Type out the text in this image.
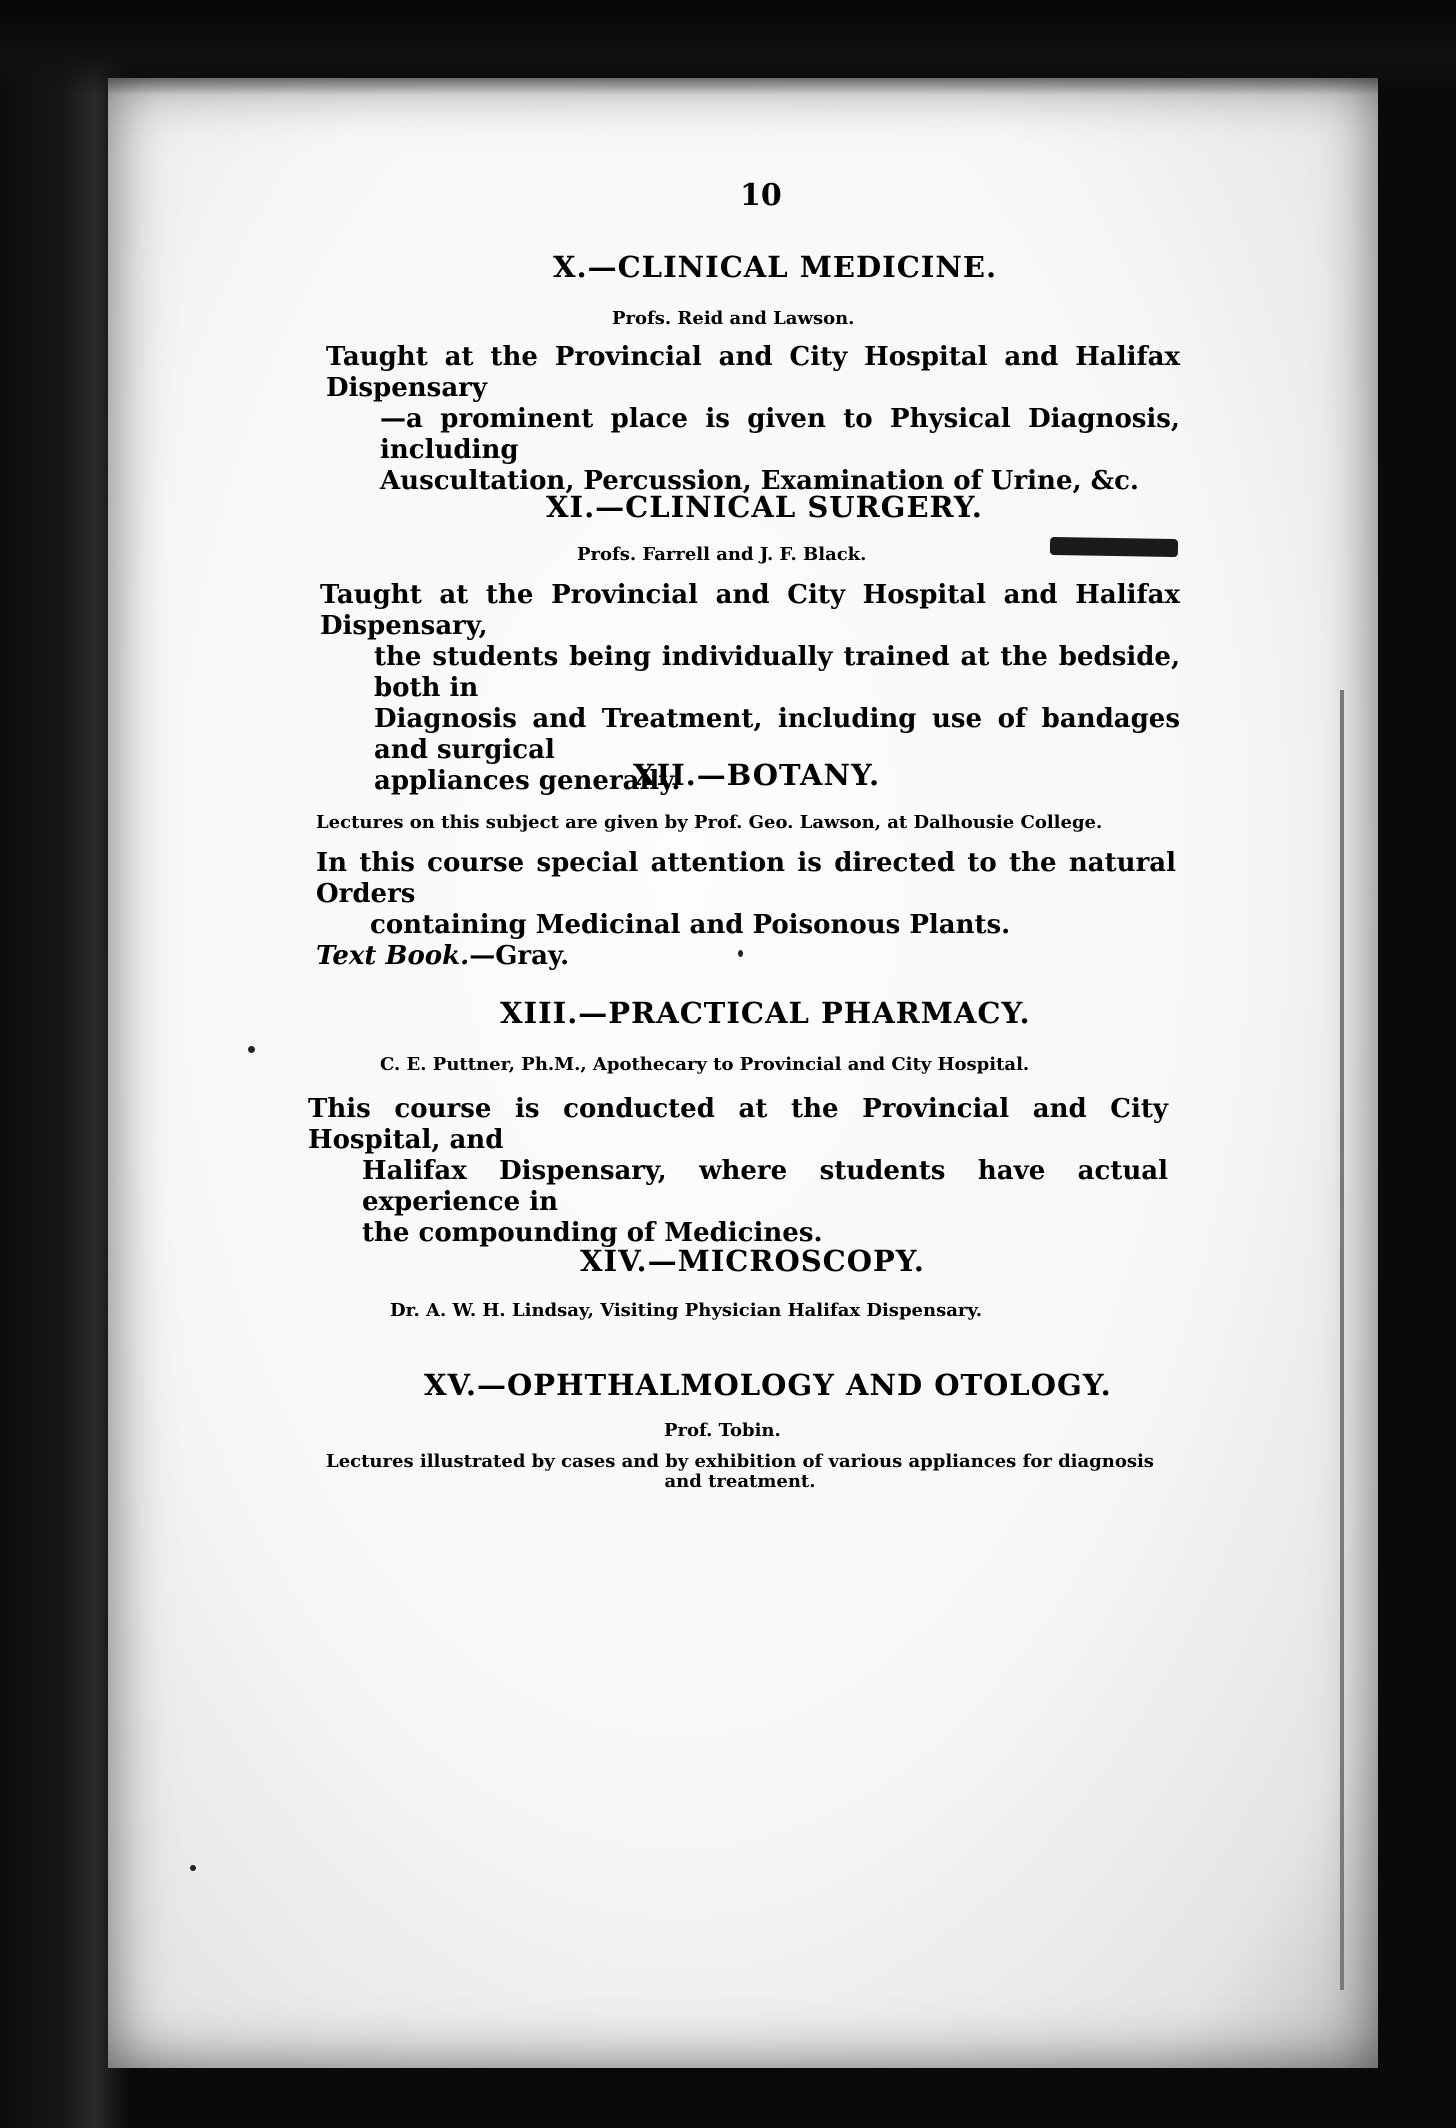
10
X.—CLINICAL MEDICINE.
Profs. Reid and Lawson.
Taught at the Provincial and City Hospital and Halifax Dispensary
—a prominent place is given to Physical Diagnosis, including
Auscultation, Percussion, Examination of Urine, &c.
XI.—CLINICAL SURGERY.
Profs. Farrell and J. F. Black.
Taught at the Provincial and City Hospital and Halifax Dispensary,
the students being individually trained at the bedside, both in
Diagnosis and Treatment, including use of bandages and surgical
appliances generally.
XII.—BOTANY.
Lectures on this subject are given by Prof. Geo. Lawson, at Dalhousie College.
In this course special attention is directed to the natural Orders
containing Medicinal and Poisonous Plants.
Text Book.—Gray.
XIII.—PRACTICAL PHARMACY.
C. E. Puttner, Ph.M., Apothecary to Provincial and City Hospital.
This course is conducted at the Provincial and City Hospital, and
Halifax Dispensary, where students have actual experience in
the compounding of Medicines.
XIV.—MICROSCOPY.
Dr. A. W. H. Lindsay, Visiting Physician Halifax Dispensary.
XV.—OPHTHALMOLOGY AND OTOLOGY.
Prof. Tobin.
Lectures illustrated by cases and by exhibition of various appliances for diagnosis
and treatment.
